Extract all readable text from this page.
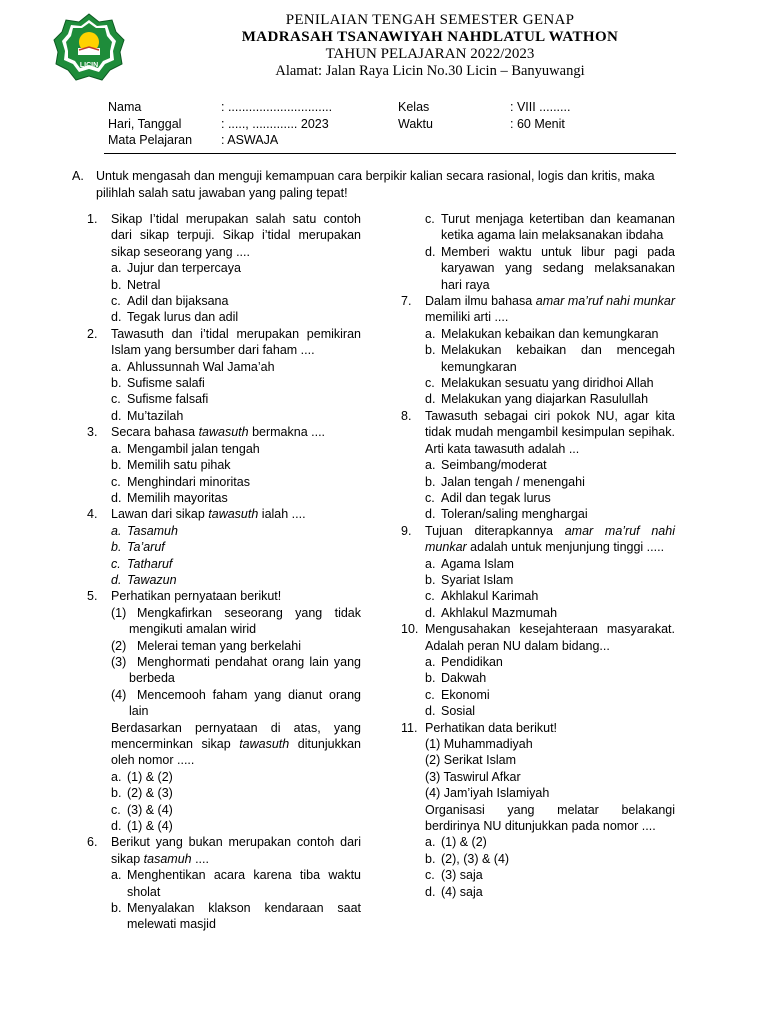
LICIN
PENILAIAN TENGAH SEMESTER GENAP
MADRASAH TSANAWIYAH NAHDLATUL WATHON
TAHUN PELAJARAN 2022/2023
Alamat: Jalan Raya Licin No.30 Licin – Banyuwangi
Nama	: ..............................	Kelas	: VIII .........
Hari, Tanggal	: ....., ............. 2023	Waktu	: 60 Menit
Mata Pelajaran : ASWAJA
A. Untuk mengasah dan menguji kemampuan cara berpikir kalian secara rasional, logis dan kritis, maka pilihlah salah satu jawaban yang paling tepat!
1. Sikap I’tidal merupakan salah satu contoh dari sikap terpuji. Sikap i’tidal merupakan sikap seseorang yang ....
a. Jujur dan terpercaya
b. Netral
c. Adil dan bijaksana
d. Tegak lurus dan adil
2. Tawasuth dan i’tidal merupakan pemikiran Islam yang bersumber dari faham ....
a. Ahlussunnah Wal Jama’ah
b. Sufisme salafi
c. Sufisme falsafi
d. Mu’tazilah
3. Secara bahasa tawasuth bermakna ....
a. Mengambil jalan tengah
b. Memilih satu pihak
c. Menghindari minoritas
d. Memilih mayoritas
4. Lawan dari sikap tawasuth ialah ....
a. Tasamuh
b. Ta’aruf
c. Tatharuf
d. Tawazun
5. Perhatikan pernyataan berikut!
(1) Mengkafirkan seseorang yang tidak mengikuti amalan wirid
(2) Melerai teman yang berkelahi
(3) Menghormati pendahat orang lain yang berbeda
(4) Mencemooh faham yang dianut orang lain
Berdasarkan pernyataan di atas, yang mencerminkan sikap tawasuth ditunjukkan oleh nomor .....
a. (1) & (2)
b. (2) & (3)
c. (3) & (4)
d. (1) & (4)
6. Berikut yang bukan merupakan contoh dari sikap tasamuh ....
a. Menghentikan acara karena tiba waktu sholat
b. Menyalakan klakson kendaraan saat melewati masjid
c. Turut menjaga ketertiban dan keamanan ketika agama lain melaksanakan ibdaha
d. Memberi waktu untuk libur pagi pada karyawan yang sedang melaksanakan hari raya
7. Dalam ilmu bahasa amar ma’ruf nahi munkar memiliki arti ....
a. Melakukan kebaikan dan kemungkaran
b. Melakukan kebaikan dan mencegah kemungkaran
c. Melakukan sesuatu yang diridhoi Allah
d. Melakukan yang diajarkan Rasulullah
8. Tawasuth sebagai ciri pokok NU, agar kita tidak mudah mengambil kesimpulan sepihak. Arti kata tawasuth adalah ...
a. Seimbang/moderat
b. Jalan tengah / menengahi
c. Adil dan tegak lurus
d. Toleran/saling menghargai
9. Tujuan diterapkannya amar ma’ruf nahi munkar adalah untuk menjunjung tinggi .....
a. Agama Islam
b. Syariat Islam
c. Akhlakul Karimah
d. Akhlakul Mazmumah
10. Mengusahakan kesejahteraan masyarakat. Adalah peran NU dalam bidang...
a. Pendidikan
b. Dakwah
c. Ekonomi
d. Sosial
11. Perhatikan data berikut!
(1) Muhammadiyah
(2) Serikat Islam
(3) Taswirul Afkar
(4) Jam’iyah Islamiyah
Organisasi yang melatar belakangi berdirinya NU ditunjukkan pada nomor ....
a. (1) & (2)
b. (2), (3) & (4)
c. (3) saja
d. (4) saja
